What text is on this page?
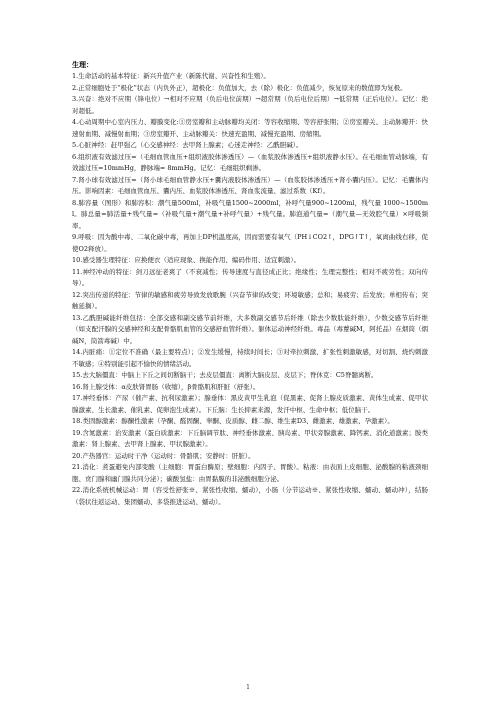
生理：

1.生命活动的基本特征：新兴升值产业（新陈代谢、兴奋性和生殖）。

2.正常细胞处于“极化”状态（内负外正），超极化：负值加大，去（除）极化：负值减少，恢复原来的数值即为复极。

3.兴奋：绝对不应期（锋电位）→相对不应期（负后电位前期）→超常期（负后电位后期）→低常期（正后电位）。记忆：绝对超低。

4.心动周期中心室内压力、瓣膜变化:①房室瓣和主动脉瓣均关闭：等容收缩期、等容舒张期；②房室瓣关、主动脉瓣开：快速射血期、减慢射血期；③房室瓣开、主动脉瓣关：快速充盈期、减慢充盈期、房缩期。

5.心脏神经：赶甲强乙（心交感神经：去甲肾上腺素；心迷走神经：乙酰胆碱）。

6.组织液有效滤过压=（毛细血管血压+组织液胶体渗透压）—（血浆胶体渗透压+组织液静水压）。在毛细血管动脉端，有效滤过压=10mmHg，静脉端= 8mmHg。记忆：毛细组织剩渗。

7.肾小球有效滤过压=（肾小球毛细血管静水压+囊内液胶体渗透压）—（血浆胶体渗透压+肾小囊内压）。记忆：毛囊体内压。影响因素：毛细血管血压、囊内压、血浆胶体渗透压、肾血浆流量、滤过系数（Kf）。

8.肺容量（图形）和肺容积：潮气量500ml，补吸气量1500~2000ml，补呼气量900~1200ml，残气量 1000~1500ml。肺总量=肺活量+残气量=（补吸气量+潮气量+补呼气量）+残气量。肺泡通气量=（潮气量—无效腔气量）×呼吸频率。

9.呼吸：因为酸中毒、二氧化碳中毒，再加上DP机温度高，因而需要有氧气（PH↓CO2↑，DPG↑T↑，氧离曲线右移，促使O2释放）。

10.感受器生理特征：应换便衣（适应现象、换能作用、编码作用、适宜刺激）。

11.神经冲动的特征：剑刀远征老爽了（不衰减性；传导速度与直径成正比；绝缘性；生理完整性；相对不疲劳性；双向传导）。

12.突出传递的特征：节律的敏感和疲劳导致发放歌腕（兴奋节律的改变；环境敏感；总和；易疲劳；后发放；单相传布；突触延搁）。

13.乙酰胆碱能纤维包括：全部交感和副交感节前纤维，大多数副交感节后纤维（除去少数肽能纤维），少数交感节后纤维（如支配汗腺的交感神经和支配骨骼肌血管的交感舒血管纤维）。躯体运动神经纤维。毒品（毒蕈碱M，阿托品）在烟筒（烟碱N，筒箭毒碱）中。

14.内脏痛：①定位不准确（最主要特点）；②发生缓慢，持续时间长；③对牵拉刺激、扩张性刺激敏感，对切割、烧灼刺激不敏感；④特别能引起不愉快的情绪活动。

15.去大脑僵直：中脑上下丘之间切断脑干；去皮层僵直：离断大脑皮层、皮层下；脊休克：C5脊髓离断。

16.肾上腺受体：α皮肤肾胃肠（收缩），β骨骼肌和肝脏（舒张）。

17.神经垂体：产尿（催产素、抗利尿激素）；腺垂体：黑皮黄甲生乳泡（促黑素、促肾上腺皮质激素、黄体生成素、促甲状腺激素、生长激素、催乳素、促卵泡生成素）。下丘脑：生长抑素来源，发汗中枢、生命中枢；低位脑干。

18.类固醇激素：醇酮性激素（孕酮、醛固酮、睾酮、皮质醇、雌二醇、维生素D3、雌激素、雄激素、孕激素）。

19.含氮激素：治安激素（蛋白质激素：下丘脑调节肽、神经垂体激素、胰岛素、甲状旁腺激素、降钙素、消化道激素；胺类激素：肾上腺素、去甲肾上腺素、甲状腺激素）。

20.产热器官：运动时干净（运动时：骨骼肌；安静时：肝脏）。

21.消化：煮蛋避免内部变酸（主细胞：胃蛋白酶原；壁细胞：内因子、胃酸）。粘液：由表面上皮细胞、泌酸腺的粘液颈细胞、贲门腺和幽门腺共同分泌）；碳酸氢盐：由胃黏膜的非泌酸细胞分泌。

22.消化系统机械运动：胃（容受性舒张※、紧张性收缩、蠕动），小肠（分节运动※、紧张性收缩、蠕动、蠕动冲），结肠（袋状往返运动、集团蠕动、多袋推进运动、蠕动）。

1
